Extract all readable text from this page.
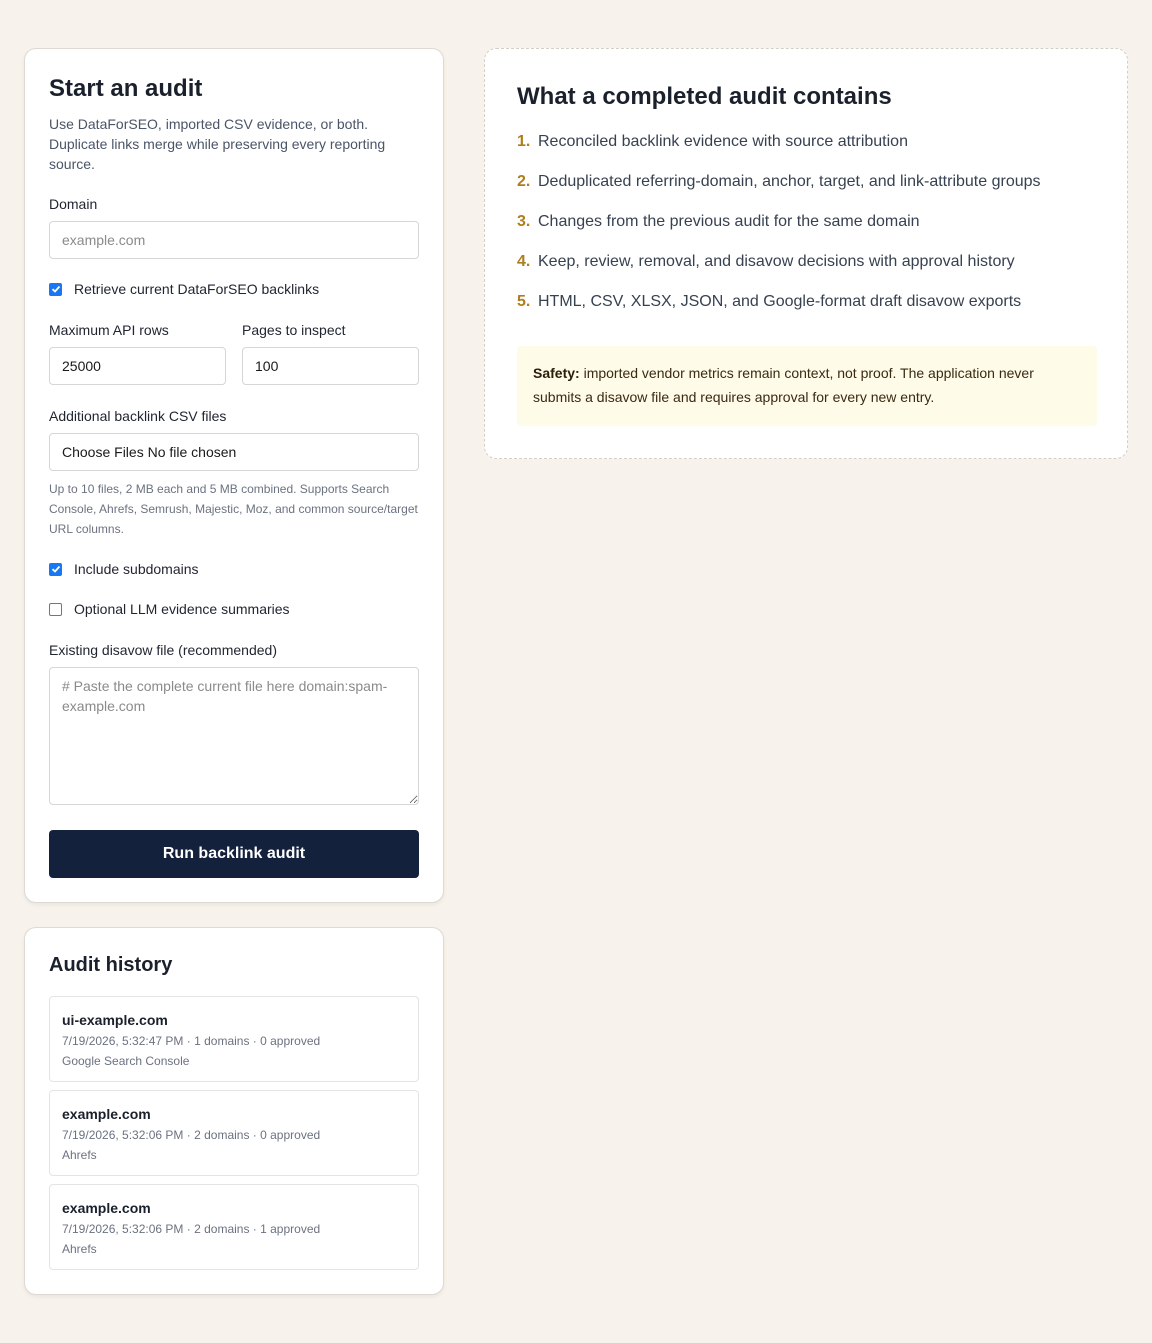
Start an audit
Use DataForSEO, imported CSV evidence, or both. Duplicate links merge while preserving every reporting source.
Domain
example.com
Retrieve current DataForSEO backlinks
Maximum API rows
25000	Pages to inspect
100
Additional backlink CSV files
Choose Files No file chosen
Up to 10 files, 2 MB each and 5 MB combined. Supports Search Console, Ahrefs, Semrush, Majestic, Moz, and common source/target URL columns.
Include subdomains
Optional LLM evidence summaries
Existing disavow file (recommended)
# Paste the complete current file here domain:spam-example.com
Run backlink audit
Audit history
ui-example.com
7/19/2026, 5:32:47 PM · 1 domains · 0 approved
Google Search Console
example.com
7/19/2026, 5:32:06 PM · 2 domains · 0 approved
Ahrefs
example.com
7/19/2026, 5:32:06 PM · 2 domains · 1 approved
Ahrefs
What a completed audit contains
1. Reconciled backlink evidence with source attribution
2. Deduplicated referring-domain, anchor, target, and link-attribute groups
3. Changes from the previous audit for the same domain
4. Keep, review, removal, and disavow decisions with approval history
5. HTML, CSV, XLSX, JSON, and Google-format draft disavow exports
Safety: imported vendor metrics remain context, not proof. The application never submits a disavow file and requires approval for every new entry.
